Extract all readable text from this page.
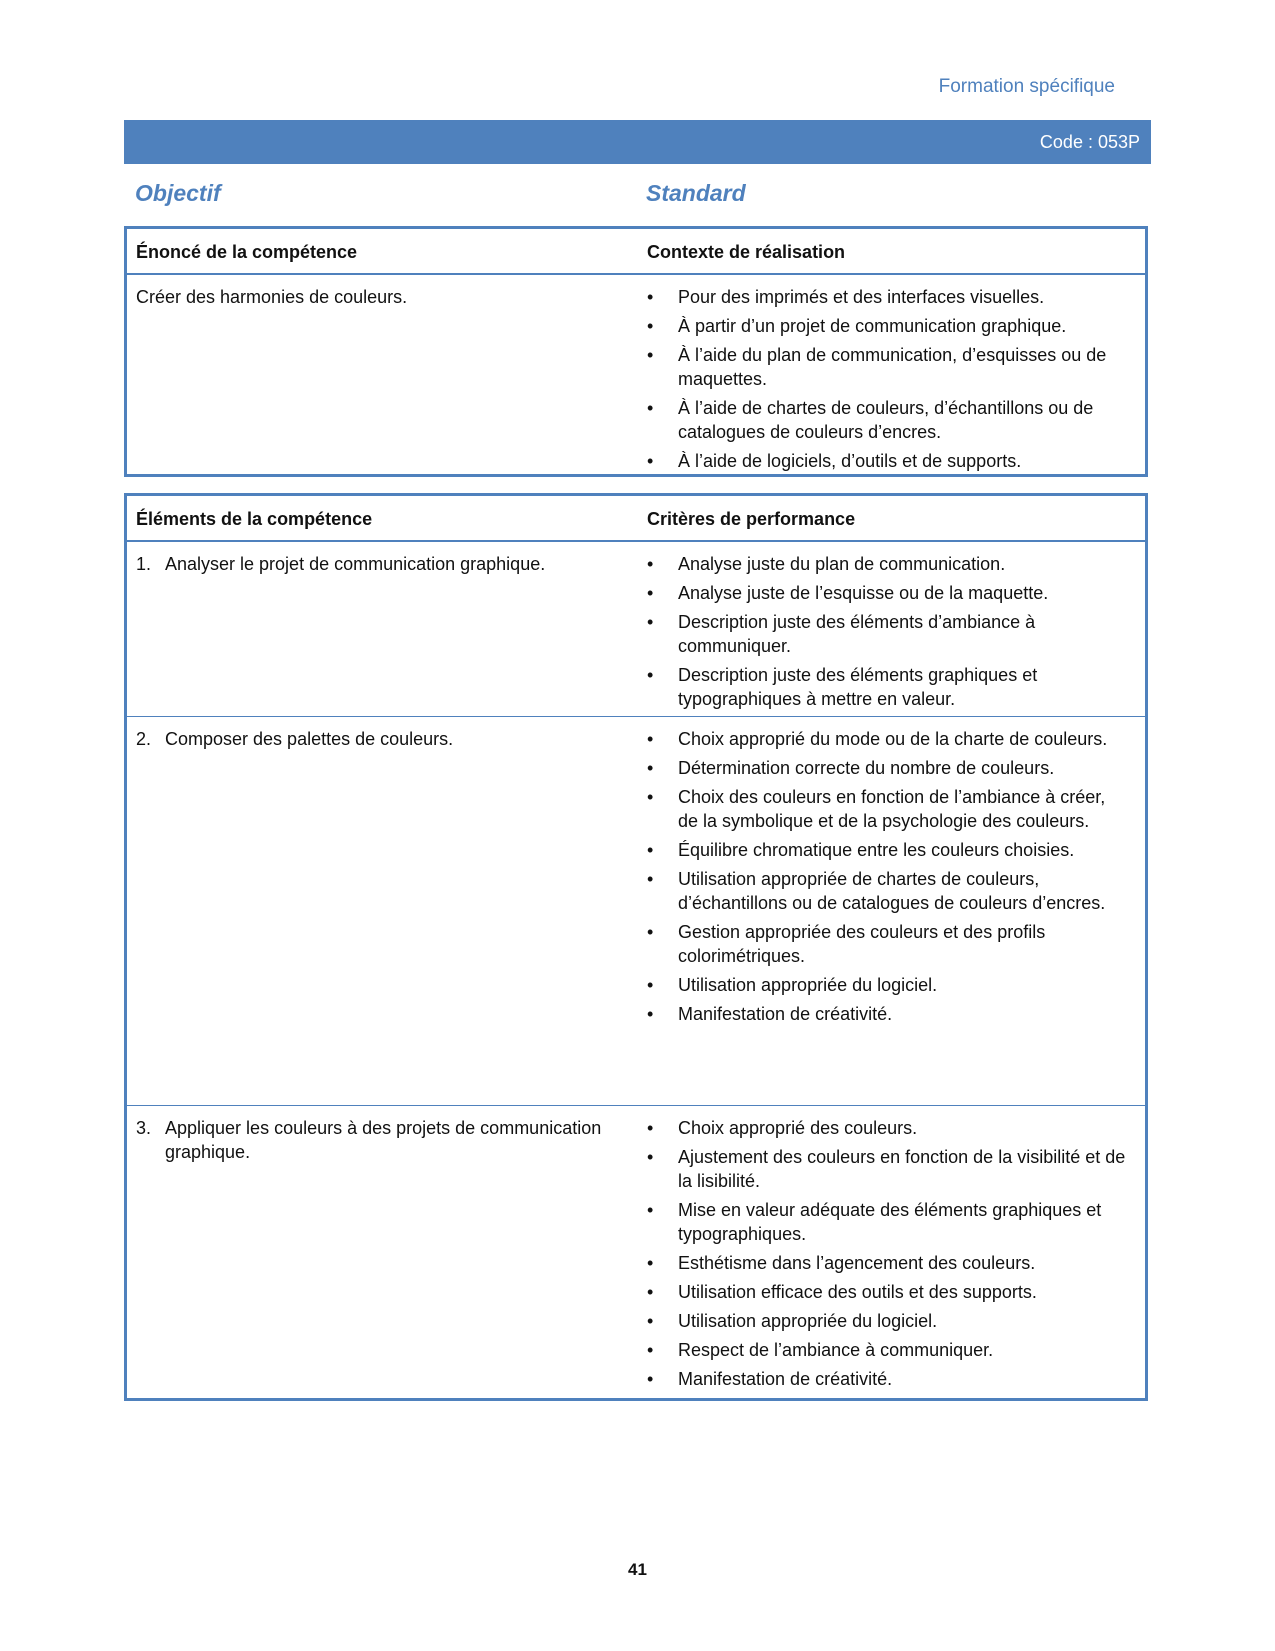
Formation spécifique
Code : 053P
Objectif	Standard
Énoncé de la compétence	Contexte de réalisation
Créer des harmonies de couleurs.	• Pour des imprimés et des interfaces visuelles.
• À partir d’un projet de communication graphique.
• À l’aide du plan de communication, d’esquisses ou de maquettes.
• À l’aide de chartes de couleurs, d’échantillons ou de catalogues de couleurs d’encres.
• À l’aide de logiciels, d’outils et de supports.
Éléments de la compétence	Critères de performance
1. Analyser le projet de communication graphique.	• Analyse juste du plan de communication.
• Analyse juste de l’esquisse ou de la maquette.
• Description juste des éléments d’ambiance à communiquer.
• Description juste des éléments graphiques et typographiques à mettre en valeur.
2. Composer des palettes de couleurs.	• Choix approprié du mode ou de la charte de couleurs.
• Détermination correcte du nombre de couleurs.
• Choix des couleurs en fonction de l’ambiance à créer, de la symbolique et de la psychologie des couleurs.
• Équilibre chromatique entre les couleurs choisies.
• Utilisation appropriée de chartes de couleurs, d’échantillons ou de catalogues de couleurs d’encres.
• Gestion appropriée des couleurs et des profils colorimétriques.
• Utilisation appropriée du logiciel.
• Manifestation de créativité.
3. Appliquer les couleurs à des projets de communication graphique.
• Choix approprié des couleurs.
• Ajustement des couleurs en fonction de la visibilité et de la lisibilité.
• Mise en valeur adéquate des éléments graphiques et typographiques.
• Esthétisme dans l’agencement des couleurs.
• Utilisation efficace des outils et des supports.
• Utilisation appropriée du logiciel.
• Respect de l’ambiance à communiquer.
• Manifestation de créativité.
41
